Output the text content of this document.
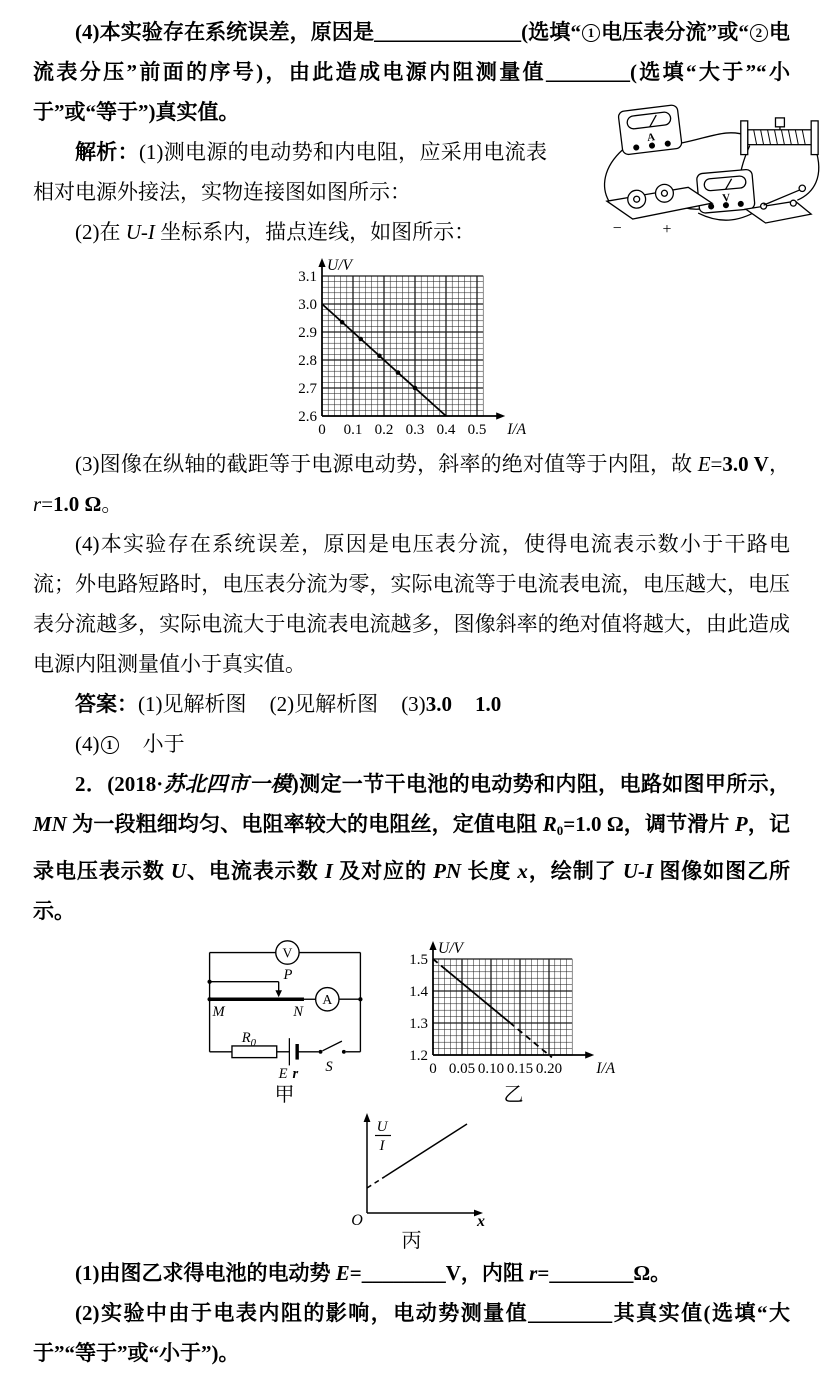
(4)本实验存在系统误差，原因是______________(选填“ 1 电压表分流”或“ 2 电流表分压”前面的序号)，由此造成电源内阻测量值________(选填“大于”“小于”或“等于”)真实值。

A
V
−	+
解析：(1)测电源的电动势和内电阻，应采用电流表相对电源外接法，实物连接图如图所示：

(2)在 U-I 坐标系内，描点连线，如图所示：

2.6
2.7
2.8
2.9
3.0
3.1
0 0.1 0.2 0.3 0.4 0.5
U/V
I/A

(3)图像在纵轴的截距等于电源电动势，斜率的绝对值等于内阻，故 E=3.0 V，r=1.0 Ω。

(4)本实验存在系统误差，原因是电压表分流，使得电流表示数小于干路电流；外电路短路时，电压表分流为零，实际电流等于电流表电流，电压越大，电压表分流越多，实际电流大于电流表电流越多，图像斜率的绝对值将越大，由此造成电源内阻测量值小于真实值。

答案：(1)见解析图 (2)见解析图 (3)3.0 1.0

(4) 1 小于

2．(2018·苏北四市一模)测定一节干电池的电动势和内阻，电路如图甲所示，MN 为一段粗细均匀、电阻率较大的电阻丝，定值电阻 R0=1.0 Ω，调节滑片 P，记录电压表示数 U、电流表示数 I 及对应的 PN 长度 x，绘制了 U-I 图像如图乙所示。

V
A
P
M	N
$R_0$
E r S
甲
1.2
1.3
1.4
1.5
0 0.05 0.10 0.15 0.20
U/V
I/A
乙
U
I
O	x
丙

(1)由图乙求得电池的电动势 E=________V，内阻 r=________Ω。

(2)实验中由于电表内阻的影响，电动势测量值________其真实值(选填“大于”“等于”或“小于”)。
